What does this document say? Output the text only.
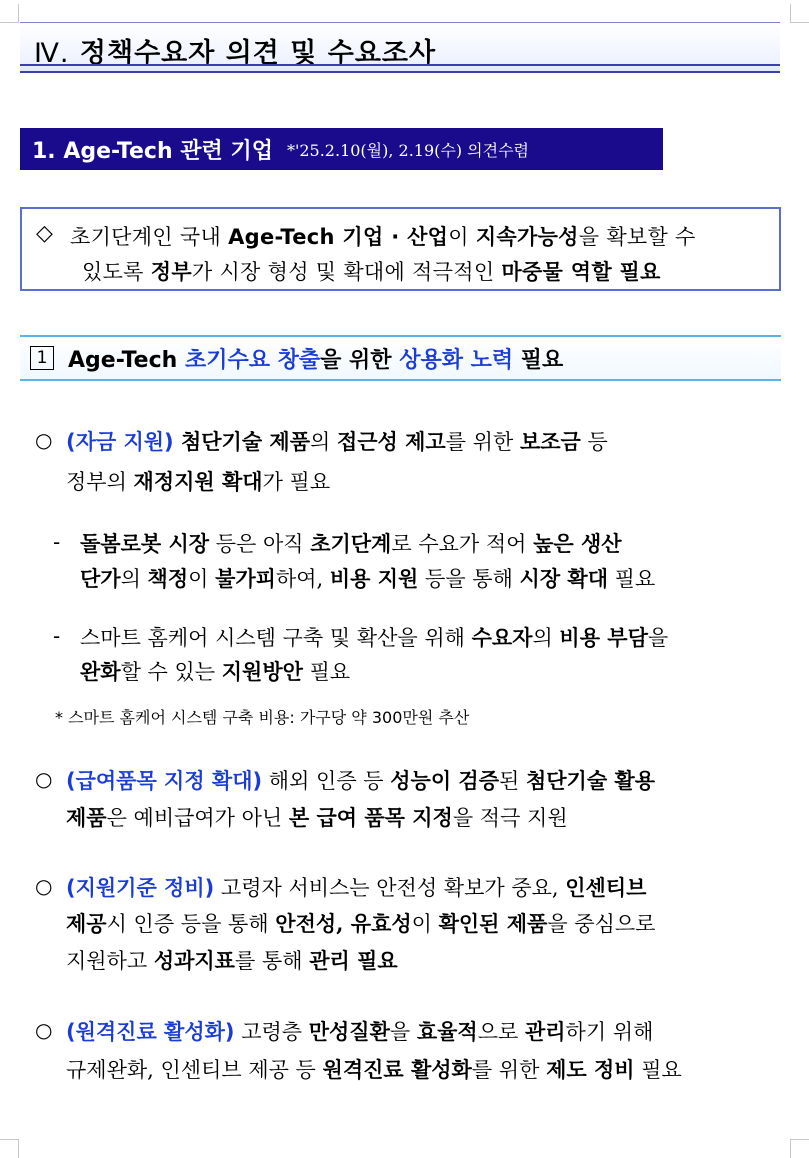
Ⅳ. 정책수요자 의견 및 수요조사
1. Age-Tech 관련 기업 *'25.2.10(월), 2.19(수) 의견수렴
◇ 초기단계인 국내 Age-Tech 기업 · 산업이 지속가능성을 확보할 수
있도록 정부가 시장 형성 및 확대에 적극적인 마중물 역할 필요
1 Age-Tech 초기수요 창출을 위한 상용화 노력 필요
○ (자금 지원) 첨단기술 제품의 접근성 제고를 위한 보조금 등
정부의 재정지원 확대가 필요
- 돌봄로봇 시장 등은 아직 초기단계로 수요가 적어 높은 생산
단가의 책정이 불가피하여, 비용 지원 등을 통해 시장 확대 필요
- 스마트 홈케어 시스템 구축 및 확산을 위해 수요자의 비용 부담을
완화할 수 있는 지원방안 필요
* 스마트 홈케어 시스템 구축 비용: 가구당 약 300만원 추산
○ (급여품목 지정 확대) 해외 인증 등 성능이 검증된 첨단기술 활용
제품은 예비급여가 아닌 본 급여 품목 지정을 적극 지원
○ (지원기준 정비) 고령자 서비스는 안전성 확보가 중요, 인센티브
제공시 인증 등을 통해 안전성, 유효성이 확인된 제품을 중심으로
지원하고 성과지표를 통해 관리 필요
○ (원격진료 활성화) 고령층 만성질환을 효율적으로 관리하기 위해
규제완화, 인센티브 제공 등 원격진료 활성화를 위한 제도 정비 필요
